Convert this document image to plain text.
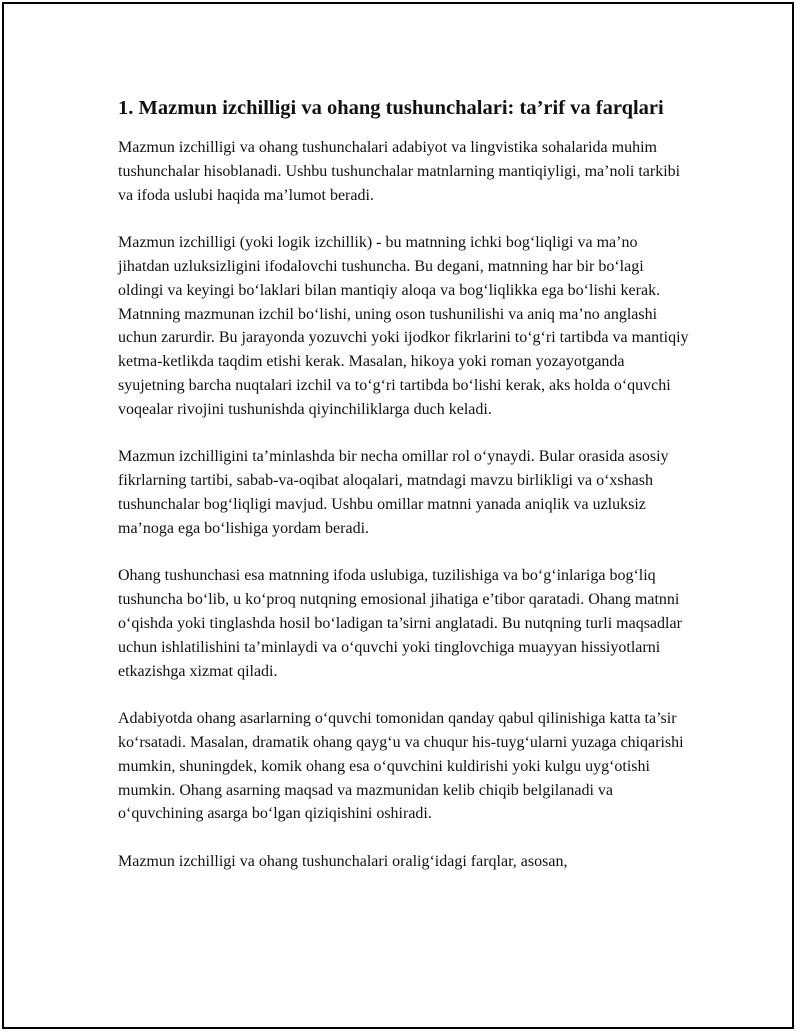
1. Mazmun izchilligi va ohang tushunchalari: ta’rif va farqlari

Mazmun izchilligi va ohang tushunchalari adabiyot va lingvistika sohalarida muhim tushunchalar hisoblanadi. Ushbu tushunchalar matnlarning mantiqiyligi, ma’noli tarkibi va ifoda uslubi haqida ma’lumot beradi.

Mazmun izchilligi (yoki logik izchillik) - bu matnning ichki bog‘liqligi va ma’no jihatdan uzluksizligini ifodalovchi tushuncha. Bu degani, matnning har bir bo‘lagi oldingi va keyingi bo‘laklari bilan mantiqiy aloqa va bog‘liqlikka ega bo‘lishi kerak. Matnning mazmunan izchil bo‘lishi, uning oson tushunilishi va aniq ma’no anglashi uchun zarurdir. Bu jarayonda yozuvchi yoki ijodkor fikrlarini to‘g‘ri tartibda va mantiqiy ketma-ketlikda taqdim etishi kerak. Masalan, hikoya yoki roman yozayotganda syujetning barcha nuqtalari izchil va to‘g‘ri tartibda bo‘lishi kerak, aks holda o‘quvchi voqealar rivojini tushunishda qiyinchiliklarga duch keladi.

Mazmun izchilligini ta’minlashda bir necha omillar rol o‘ynaydi. Bular orasida asosiy fikrlarning tartibi, sabab-va-oqibat aloqalari, matndagi mavzu birlikligi va o‘xshash tushunchalar bog‘liqligi mavjud. Ushbu omillar matnni yanada aniqlik va uzluksiz ma’noga ega bo‘lishiga yordam beradi.

Ohang tushunchasi esa matnning ifoda uslubiga, tuzilishiga va bo‘g‘inlariga bog‘liq tushuncha bo‘lib, u ko‘proq nutqning emosional jihatiga e’tibor qaratadi. Ohang matnni o‘qishda yoki tinglashda hosil bo‘ladigan ta’sirni anglatadi. Bu nutqning turli maqsadlar uchun ishlatilishini ta’minlaydi va o‘quvchi yoki tinglovchiga muayyan hissiyotlarni etkazishga xizmat qiladi.

Adabiyotda ohang asarlarning o‘quvchi tomonidan qanday qabul qilinishiga katta ta’sir ko‘rsatadi. Masalan, dramatik ohang qayg‘u va chuqur his-tuyg‘ularni yuzaga chiqarishi mumkin, shuningdek, komik ohang esa o‘quvchini kuldirishi yoki kulgu uyg‘otishi mumkin. Ohang asarning maqsad va mazmunidan kelib chiqib belgilanadi va o‘quvchining asarga bo‘lgan qiziqishini oshiradi.

Mazmun izchilligi va ohang tushunchalari oralig‘idagi farqlar, asosan,
